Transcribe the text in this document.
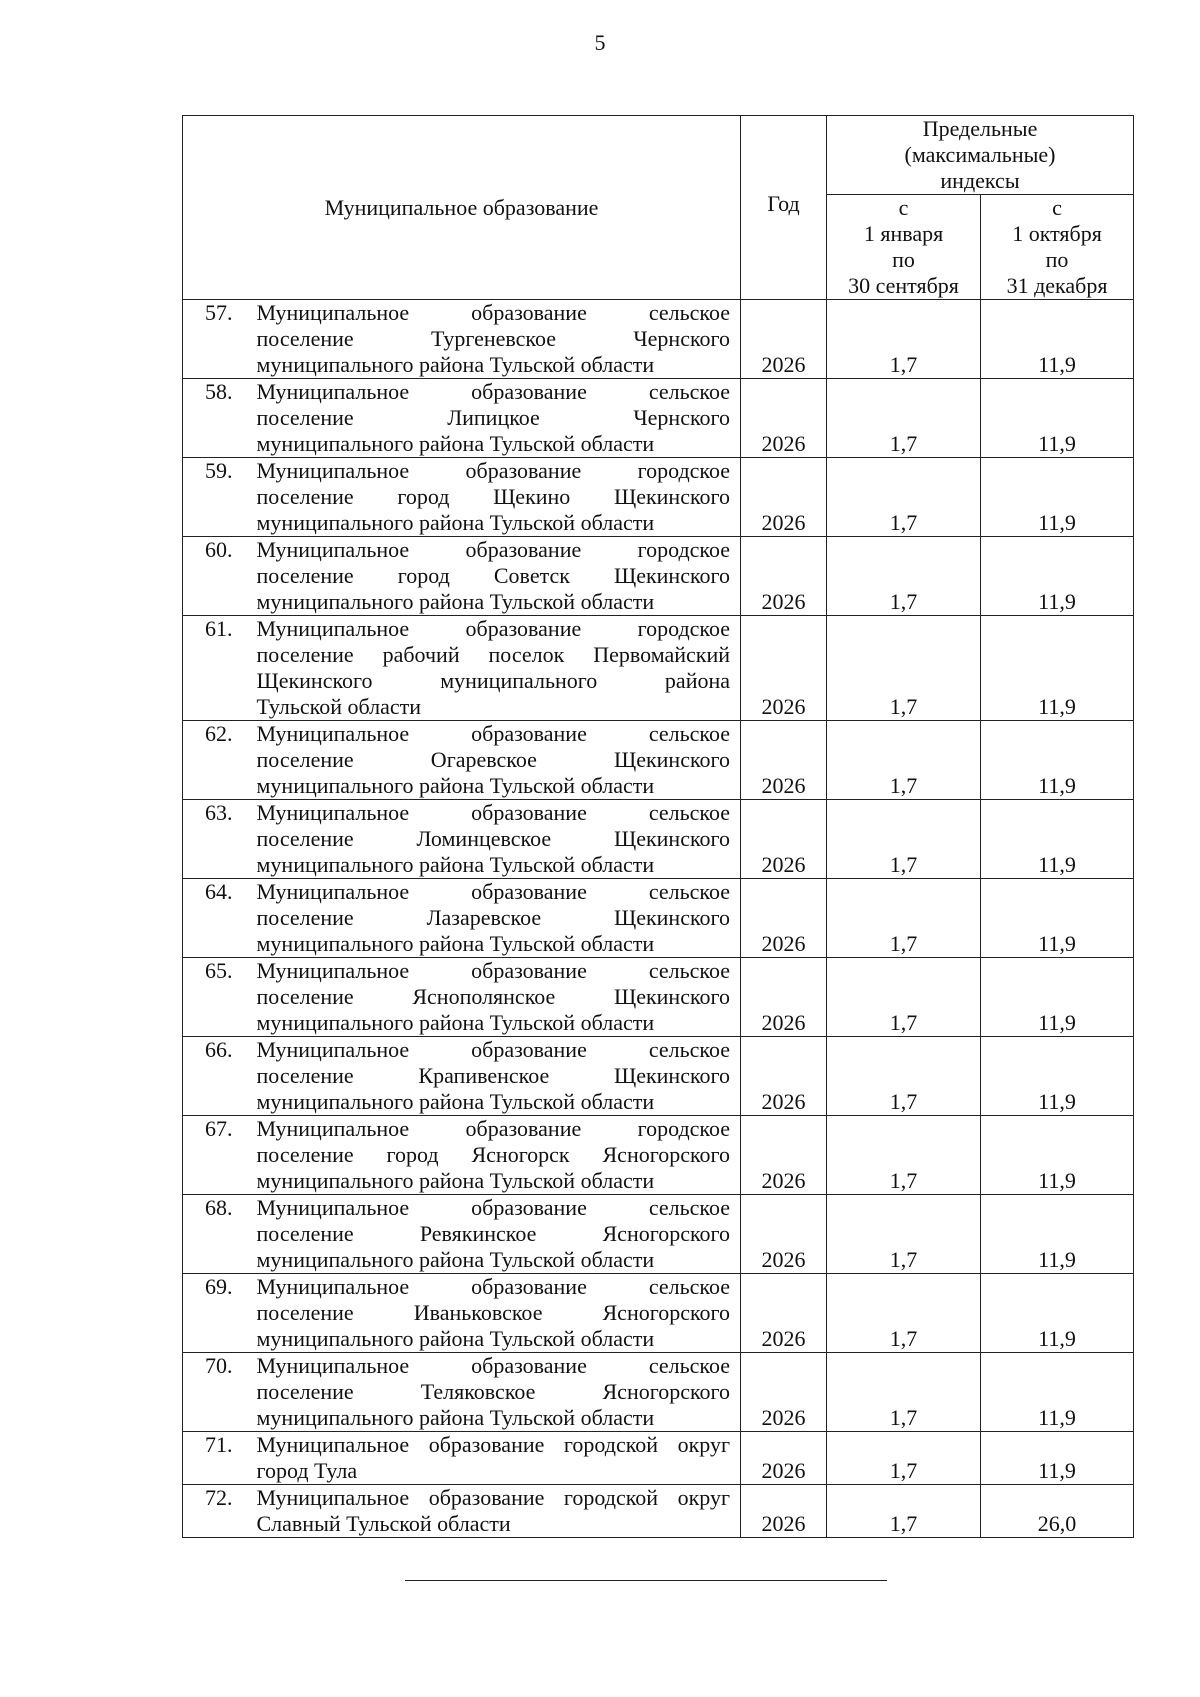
5
Муниципальное образование		Год	Предельные
(максимальные)
индексы	

			с
1 января
по
30 сентября	с
1 октября
по
31 декабря

57.	Муниципальное образование сельское
поселение Тургеневское Чернского
муниципального района Тульской области	2026	1,7	11,9
58.	Муниципальное образование сельское
поселение Липицкое Чернского
муниципального района Тульской области	2026	1,7	11,9
59.	Муниципальное образование городское
поселение город Щекино Щекинского
муниципального района Тульской области	2026	1,7	11,9
60.	Муниципальное образование городское
поселение город Советск Щекинского
муниципального района Тульской области	2026	1,7	11,9
61.	Муниципальное образование городское
поселение рабочий поселок Первомайский
Щекинского муниципального района
Тульской области	2026	1,7	11,9
62.	Муниципальное образование сельское
поселение Огаревское Щекинского
муниципального района Тульской области	2026	1,7	11,9
63.	Муниципальное образование сельское
поселение Ломинцевское Щекинского
муниципального района Тульской области	2026	1,7	11,9
64.	Муниципальное образование сельское
поселение Лазаревское Щекинского
муниципального района Тульской области	2026	1,7	11,9
65.	Муниципальное образование сельское
поселение Яснополянское Щекинского
муниципального района Тульской области	2026	1,7	11,9
66.	Муниципальное образование сельское
поселение Крапивенское Щекинского
муниципального района Тульской области	2026	1,7	11,9
67.	Муниципальное образование городское
поселение город Ясногорск Ясногорского
муниципального района Тульской области	2026	1,7	11,9
68.	Муниципальное образование сельское
поселение Ревякинское Ясногорского
муниципального района Тульской области	2026	1,7	11,9
69.	Муниципальное образование сельское
поселение Иваньковское Ясногорского
муниципального района Тульской области	2026	1,7	11,9
70.	Муниципальное образование сельское
поселение Теляковское Ясногорского
муниципального района Тульской области	2026	1,7	11,9
71.	Муниципальное образование городской округ
город Тула	2026	1,7	11,9
72.	Муниципальное образование городской округ
Славный Тульской области	2026	1,7	26,0
